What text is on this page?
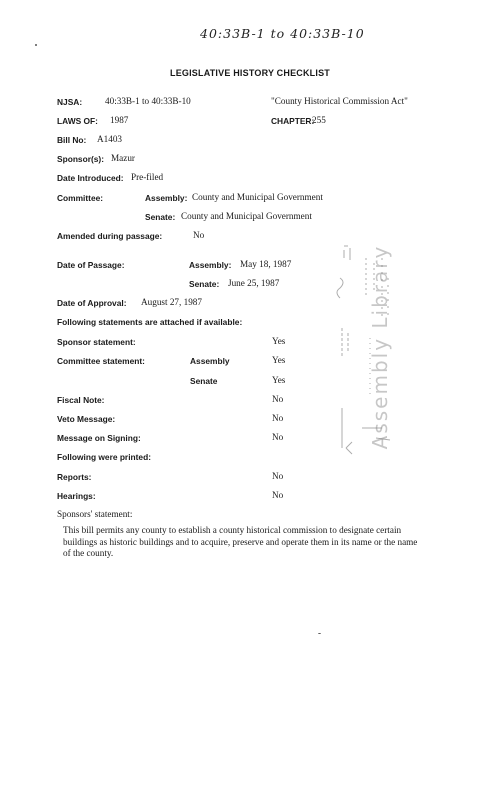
40:33B-1 to 40:33B-10
LEGISLATIVE HISTORY CHECKLIST
NJSA: 40:33B-1 to 40:33B-10	"County Historical Commission Act"
LAWS OF: 1987	CHAPTER:
255
Bill No: A1403
Sponsor(s): Mazur
Date Introduced: Pre-filed
Committee:	Assembly: County and Municipal Government
Senate: County and Municipal Government
Amended during passage:	No
Date of Passage:	Assembly: May 18, 1987
Senate: June 25, 1987
Date of Approval: August 27, 1987
Following statements are attached if available:
Sponsor statement:	Yes
Committee statement:	Assembly	Yes
Senate	Yes
Fiscal Note:	No
Veto Message:	No
Message on Signing:	No
Following were printed:
Reports:	No
Hearings:	No
Sponsors' statement:
This bill permits any county to establish a county historical commission to designate certain buildings as historic buildings and to acquire, preserve and operate them in its name or the name of the county.
Assembly Library
